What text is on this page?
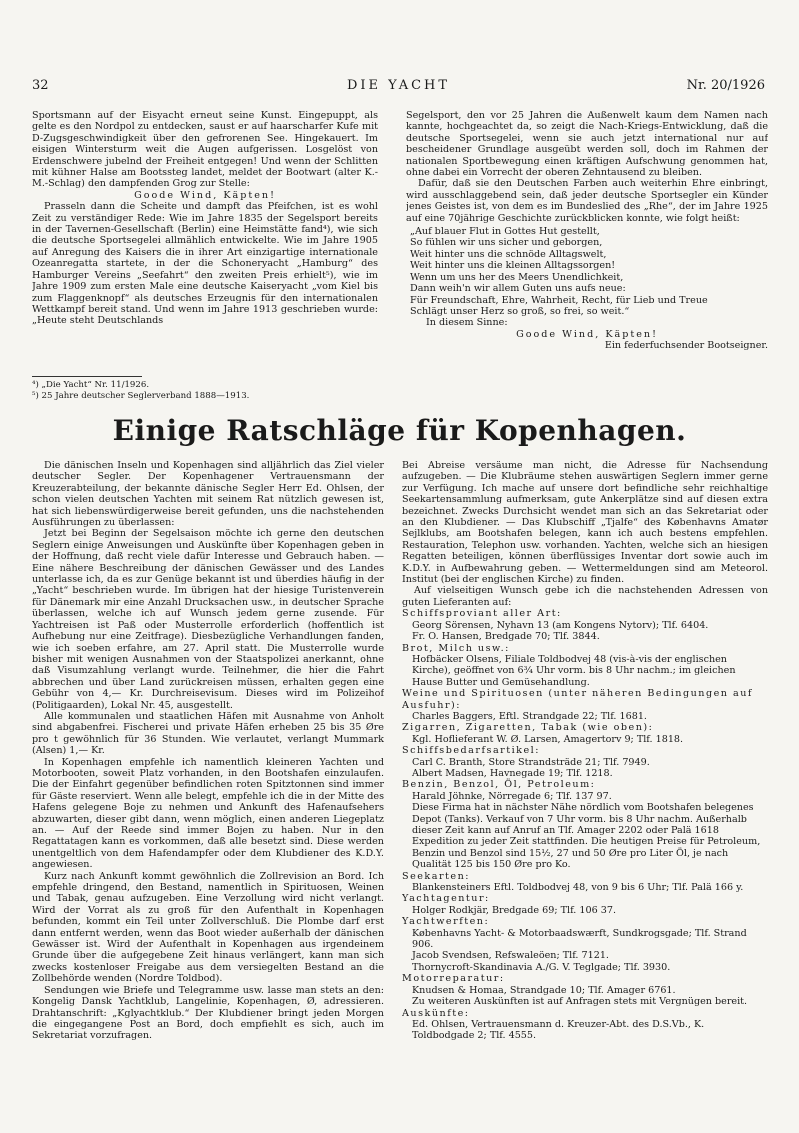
32	DIE YACHT	Nr. 20/1926

Sportsmann auf der Eisyacht erneut seine Kunst. Eingepuppt, als gelte es den Nordpol zu entdecken, saust er auf haarscharfer Kufe mit D-Zugsgeschwindigkeit über den gefrorenen See. Hingekauert. Im eisigen Wintersturm weit die Augen aufgerissen. Losgelöst von Erdenschwere jubelnd der Freiheit entgegen! Und wenn der Schlitten mit kühner Halse am Bootssteg landet, meldet der Bootwart (alter K.-M.-Schlag) den dampfenden Grog zur Stelle:

Goode Wind, Käpten!

Prasseln dann die Scheite und dampft das Pfeifchen, ist es wohl Zeit zu verständiger Rede: Wie im Jahre 1835 der Segelsport bereits in der Tavernen-Gesellschaft (Berlin) eine Heimstätte fand⁴), wie sich die deutsche Sportsegelei allmählich entwickelte. Wie im Jahre 1905 auf Anregung des Kaisers die in ihrer Art einzigartige internationale Ozeanregatta startete, in der die Schoneryacht „Hamburg“ des Hamburger Vereins „Seefahrt“ den zweiten Preis erhielt⁵), wie im Jahre 1909 zum ersten Male eine deutsche Kaiseryacht „vom Kiel bis zum Flaggenknopf“ als deutsches Erzeugnis für den internationalen Wettkampf bereit stand. Und wenn im Jahre 1913 geschrieben wurde: „Heute steht Deutschlands

⁴) „Die Yacht“ Nr. 11/1926.
⁵) 25 Jahre deutscher Seglerverband 1888—1913.

Segelsport, den vor 25 Jahren die Außenwelt kaum dem Namen nach kannte, hochgeachtet da, so zeigt die Nach-Kriegs-Entwicklung, daß die deutsche Sportsegelei, wenn sie auch jetzt international nur auf bescheidener Grundlage ausgeübt werden soll, doch im Rahmen der nationalen Sportbewegung einen kräftigen Aufschwung genommen hat, ohne dabei ein Vorrecht der oberen Zehntausend zu bleiben.

Dafür, daß sie den Deutschen Farben auch weiterhin Ehre einbringt, wird ausschlaggebend sein, daß jeder deutsche Sportsegler ein Künder jenes Geistes ist, von dem es im Bundeslied des „Rhe“, der im Jahre 1925 auf eine 70jährige Geschichte zurückblicken konnte, wie folgt heißt:

„Auf blauer Flut in Gottes Hut gestellt,

So fühlen wir uns sicher und geborgen,

Weit hinter uns die schnöde Alltagswelt,

Weit hinter uns die kleinen Alltagssorgen!

Wenn um uns her des Meers Unendlichkeit,

Dann weih'n wir allem Guten uns aufs neue:

Für Freundschaft, Ehre, Wahrheit, Recht, für Lieb und Treue

Schlägt unser Herz so groß, so frei, so weit.“

In diesem Sinne:

Goode Wind, Käpten!

Ein federfuchsender Bootseigner.

Einige Ratschläge für Kopenhagen.

Die dänischen Inseln und Kopenhagen sind alljährlich das Ziel vieler deutscher Segler. Der Kopenhagener Vertrauensmann der Kreuzerabteilung, der bekannte dänische Segler Herr Ed. Ohlsen, der schon vielen deutschen Yachten mit seinem Rat nützlich gewesen ist, hat sich liebenswürdigerweise bereit gefunden, uns die nachstehenden Ausführungen zu überlassen:

Jetzt bei Beginn der Segelsaison möchte ich gerne den deutschen Seglern einige Anweisungen und Auskünfte über Kopenhagen geben in der Hoffnung, daß recht viele dafür Interesse und Gebrauch haben. — Eine nähere Beschreibung der dänischen Gewässer und des Landes unterlasse ich, da es zur Genüge bekannt ist und überdies häufig in der „Yacht“ beschrieben wurde. Im übrigen hat der hiesige Turistenverein für Dänemark mir eine Anzahl Drucksachen usw., in deutscher Sprache überlassen, welche ich auf Wunsch jedem gerne zusende. Für Yachtreisen ist Paß oder Musterrolle erforderlich (hoffentlich ist Aufhebung nur eine Zeitfrage). Diesbezügliche Verhandlungen fanden, wie ich soeben erfahre, am 27. April statt. Die Musterrolle wurde bisher mit wenigen Ausnahmen von der Staatspolizei anerkannt, ohne daß Visumzahlung verlangt wurde. Teilnehmer, die hier die Fahrt abbrechen und über Land zurückreisen müssen, erhalten gegen eine Gebühr von 4,— Kr. Durchreisevisum. Dieses wird im Polizeihof (Politigaarden), Lokal Nr. 45, ausgestellt.

Alle kommunalen und staatlichen Häfen mit Ausnahme von Anholt sind abgabenfrei. Fischerei und private Häfen erheben 25 bis 35 Øre pro t gewöhnlich für 36 Stunden. Wie verlautet, verlangt Mummark (Alsen) 1,— Kr.

In Kopenhagen empfehle ich namentlich kleineren Yachten und Motorbooten, soweit Platz vorhanden, in den Bootshafen einzulaufen. Die der Einfahrt gegenüber befindlichen roten Spitztonnen sind immer für Gäste reserviert. Wenn alle belegt, empfehle ich die in der Mitte des Hafens gelegene Boje zu nehmen und Ankunft des Hafenaufsehers abzuwarten, dieser gibt dann, wenn möglich, einen anderen Liegeplatz an. — Auf der Reede sind immer Bojen zu haben. Nur in den Regattatagen kann es vorkommen, daß alle besetzt sind. Diese werden unentgeltlich von dem Hafendampfer oder dem Klubdiener des K.D.Y. angewiesen.

Kurz nach Ankunft kommt gewöhnlich die Zollrevision an Bord. Ich empfehle dringend, den Bestand, namentlich in Spirituosen, Weinen und Tabak, genau aufzugeben. Eine Verzollung wird nicht verlangt. Wird der Vorrat als zu groß für den Aufenthalt in Kopenhagen befunden, kommt ein Teil unter Zollverschluß. Die Plombe darf erst dann entfernt werden, wenn das Boot wieder außerhalb der dänischen Gewässer ist. Wird der Aufenthalt in Kopenhagen aus irgendeinem Grunde über die aufgegebene Zeit hinaus verlängert, kann man sich zwecks kostenloser Freigabe aus dem versiegelten Bestand an die Zollbehörde wenden (Nordre Toldbod).

Sendungen wie Briefe und Telegramme usw. lasse man stets an den: Kongelig Dansk Yachtklub, Langelinie, Kopenhagen, Ø, adressieren. Drahtanschrift: „Kglyachtklub.“ Der Klubdiener bringt jeden Morgen die eingegangene Post an Bord, doch empfiehlt es sich, auch im Sekretariat vorzufragen.

Bei Abreise versäume man nicht, die Adresse für Nachsendung aufzugeben. — Die Klubräume stehen auswärtigen Seglern immer gerne zur Verfügung. Ich mache auf unsere dort befindliche sehr reichhaltige Seekartensammlung aufmerksam, gute Ankerplätze sind auf diesen extra bezeichnet. Zwecks Durchsicht wendet man sich an das Sekretariat oder an den Klubdiener. — Das Klubschiff „Tjalfe“ des Københavns Amatør Sejlklubs, am Bootshafen belegen, kann ich auch bestens empfehlen. Restauration, Telephon usw. vorhanden. Yachten, welche sich an hiesigen Regatten beteiligen, können überflüssiges Inventar dort sowie auch im K.D.Y. in Aufbewahrung geben. — Wettermeldungen sind am Meteorol. Institut (bei der englischen Kirche) zu finden.

Auf vielseitigen Wunsch gebe ich die nachstehenden Adressen von guten Lieferanten auf:

Schiffsproviant aller Art:

Georg Sörensen, Nyhavn 13 (am Kongens Nytorv); Tlf. 6404.

Fr. O. Hansen, Bredgade 70; Tlf. 3844.

Brot, Milch usw.:

Hofbäcker Olsens, Filiale Toldbodvej 48 (vis-à-vis der englischen Kirche), geöffnet von 6¾ Uhr vorm. bis 8 Uhr nachm.; im gleichen Hause Butter und Gemüsehandlung.

Weine und Spirituosen (unter näheren Bedingungen auf Ausfuhr):

Charles Baggers, Eftl. Strandgade 22; Tlf. 1681.

Zigarren, Zigaretten, Tabak (wie oben):

Kgl. Hoflieferant W. Ø. Larsen, Amagertorv 9; Tlf. 1818.

Schiffsbedarfsartikel:

Carl C. Branth, Store Strandsträde 21; Tlf. 7949.

Albert Madsen, Havnegade 19; Tlf. 1218.

Benzin, Benzol, Öl, Petroleum:

Harald Jöhnke, Nörregade 6; Tlf. 137 97.

Diese Firma hat in nächster Nähe nördlich vom Bootshafen belegenes Depot (Tanks). Verkauf von 7 Uhr vorm. bis 8 Uhr nachm. Außerhalb dieser Zeit kann auf Anruf an Tlf. Amager 2202 oder Palä 1618 Expedition zu jeder Zeit stattfinden. Die heutigen Preise für Petroleum, Benzin und Benzol sind 15½, 27 und 50 Øre pro Liter Öl, je nach Qualität 125 bis 150 Øre pro Ko.

Seekarten:

Blankensteiners Eftl. Toldbodvej 48, von 9 bis 6 Uhr; Tlf. Palä 166 y.

Yachtagentur:

Holger Rodkjär, Bredgade 69; Tlf. 106 37.

Yachtwerften:

Københavns Yacht- & Motorbaadswærft, Sundkrogsgade; Tlf. Strand 906.

Jacob Svendsen, Refswaleöen; Tlf. 7121.

Thornycroft-Skandinavia A./G. V. Teglgade; Tlf. 3930.

Motorreparatur:

Knudsen & Homaa, Strandgade 10; Tlf. Amager 6761.

Zu weiteren Auskünften ist auf Anfragen stets mit Vergnügen bereit.

Auskünfte:

Ed. Ohlsen, Vertrauensmann d. Kreuzer-Abt. des D.S.Vb., K. Toldbodgade 2; Tlf. 4555.
